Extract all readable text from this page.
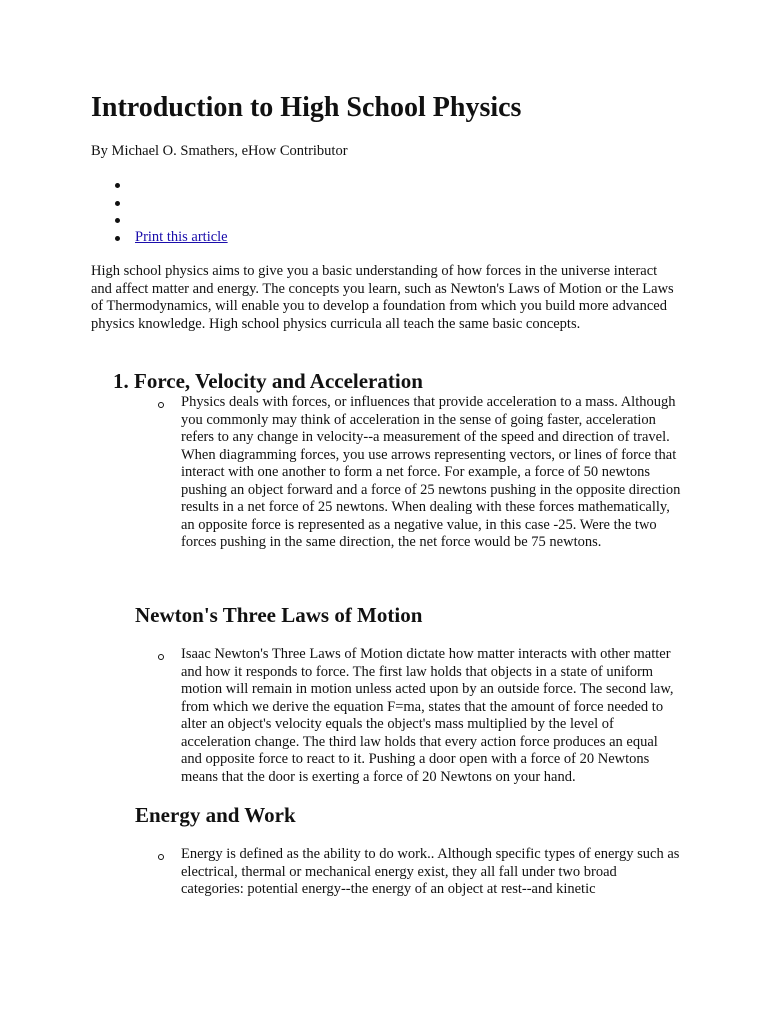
Introduction to High School Physics

By Michael O. Smathers, eHow Contributor

Print this article

High school physics aims to give you a basic understanding of how forces in the universe interact and affect matter and energy. The concepts you learn, such as Newton's Laws of Motion or the Laws of Thermodynamics, will enable you to develop a foundation from which you build more advanced physics knowledge. High school physics curricula all teach the same basic concepts.

1. Force, Velocity and Acceleration

Physics deals with forces, or influences that provide acceleration to a mass. Although you commonly may think of acceleration in the sense of going faster, acceleration refers to any change in velocity--a measurement of the speed and direction of travel.

When diagramming forces, you use arrows representing vectors, or lines of force that interact with one another to form a net force. For example, a force of 50 newtons pushing an object forward and a force of 25 newtons pushing in the opposite direction results in a net force of 25 newtons. When dealing with these forces mathematically, an opposite force is represented as a negative value, in this case -25. Were the two forces pushing in the same direction, the net force would be 75 newtons.

Newton's Three Laws of Motion

Isaac Newton's Three Laws of Motion dictate how matter interacts with other matter and how it responds to force. The first law holds that objects in a state of uniform motion will remain in motion unless acted upon by an outside force. The second law, from which we derive the equation F=ma, states that the amount of force needed to alter an object's velocity equals the object's mass multiplied by the level of acceleration change. The third law holds that every action force produces an equal and opposite force to react to it. Pushing a door open with a force of 20 Newtons means that the door is exerting a force of 20 Newtons on your hand.

Energy and Work

Energy is defined as the ability to do work.. Although specific types of energy such as electrical, thermal or mechanical energy exist, they all fall under two broad categories: potential energy--the energy of an object at rest--and kinetic
